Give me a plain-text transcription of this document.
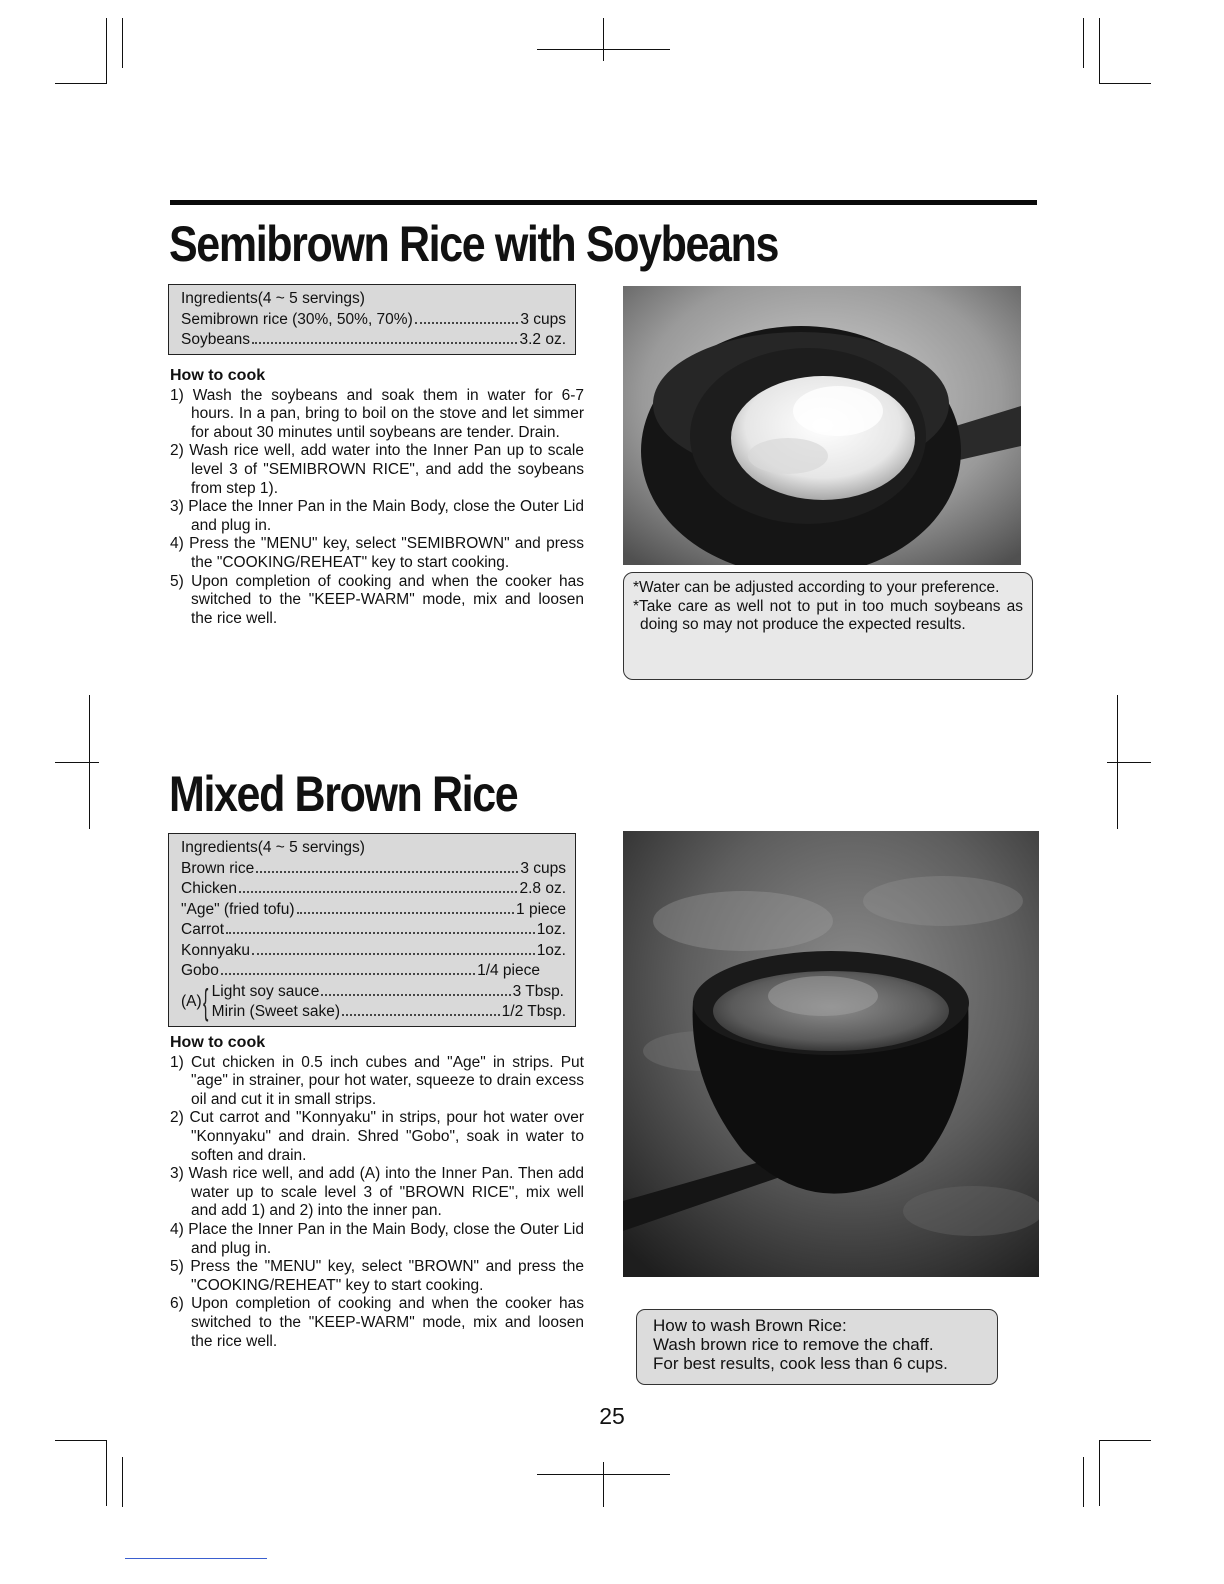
Semibrown Rice with Soybeans
Ingredients(4 ~ 5 servings)
Semibrown rice (30%, 50%, 70%)	3 cups
Soybeans	3.2 oz.
How to cook
1) Wash the soybeans and soak them in water for 6-7 hours. In a pan, bring to boil on the stove and let simmer for about 30 minutes until soybeans are tender. Drain.
2) Wash rice well, add water into the Inner Pan up to scale level 3 of "SEMIBROWN RICE", and add the soybeans from step 1).
3) Place the Inner Pan in the Main Body, close the Outer Lid and plug in.
4) Press the "MENU" key, select "SEMIBROWN" and press the "COOKING/REHEAT" key to start cooking.
5) Upon completion of cooking and when the cooker has switched to the "KEEP-WARM" mode, mix and loosen the rice well.

*Water can be adjusted according to your preference.

*Take care as well not to put in too much soybeans as doing so may not produce the expected results.

Mixed Brown Rice
Ingredients(4 ~ 5 servings)
Brown rice	3 cups
Chicken	2.8 oz.
"Age" (fried tofu)	1 piece
Carrot	1oz.
Konnyaku	1oz.
Gobo	1/4 piece
(A) { Light soy sauce	3 Tbsp.
Mirin (Sweet sake)	1/2 Tbsp.
How to cook
1) Cut chicken in 0.5 inch cubes and "Age" in strips. Put "age" in strainer, pour hot water, squeeze to drain excess oil and cut it in small strips.
2) Cut carrot and "Konnyaku" in strips, pour hot water over "Konnyaku" and drain. Shred "Gobo", soak in water to soften and drain.
3) Wash rice well, and add (A) into the Inner Pan. Then add water up to scale level 3 of "BROWN RICE", mix well and add 1) and 2) into the inner pan.
4) Place the Inner Pan in the Main Body, close the Outer Lid and plug in.
5) Press the "MENU" key, select "BROWN" and press the "COOKING/REHEAT" key to start cooking.
6) Upon completion of cooking and when the cooker has switched to the "KEEP-WARM" mode, mix and loosen the rice well.

How to wash Brown Rice:

Wash brown rice to remove the chaff.

For best results, cook less than 6 cups.

25
